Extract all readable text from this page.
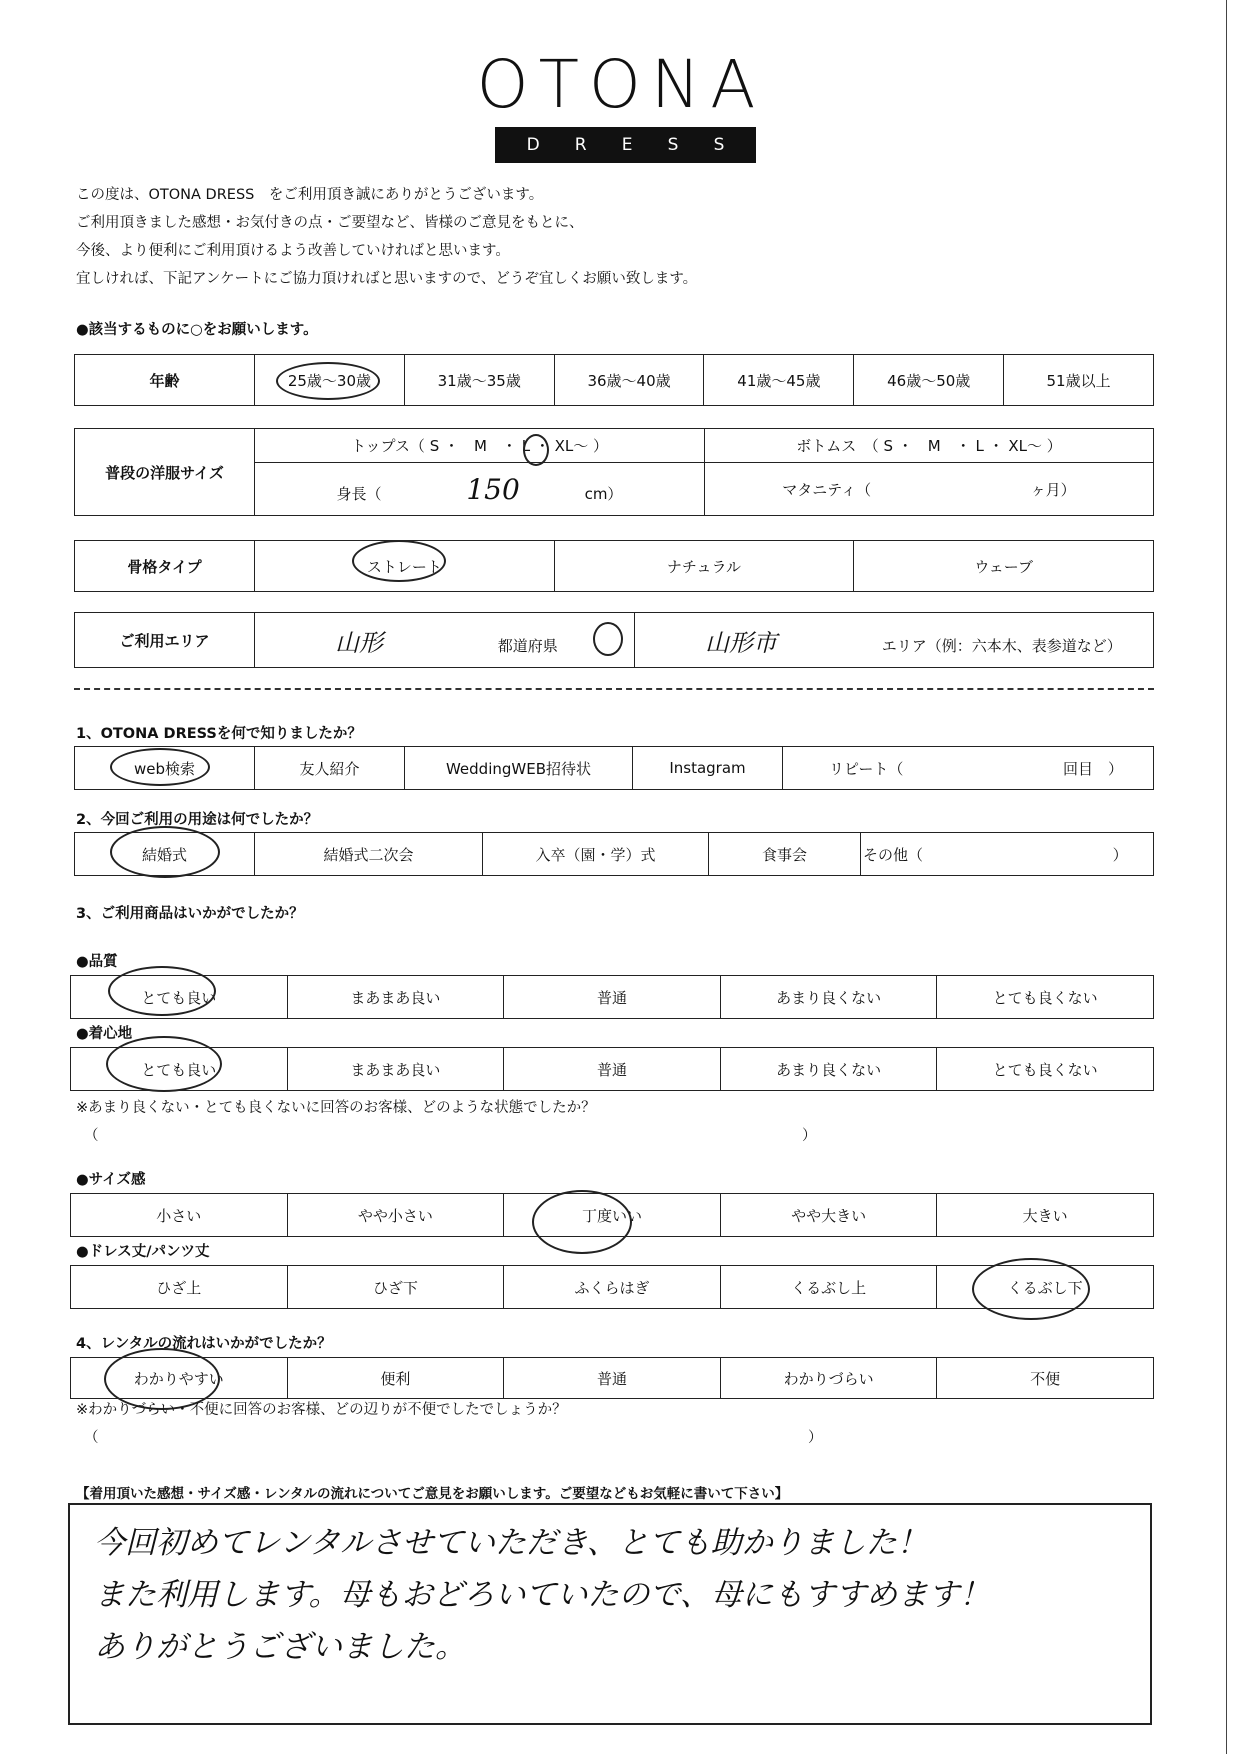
OTONA
D R E S S
この度は、OTONA DRESS　をご利用頂き誠にありがとうございます。
ご利用頂きました感想・お気付きの点・ご要望など、皆様のご意見をもとに、
今後、より便利にご利用頂けるよう改善していければと思います。
宜しければ、下記アンケートにご協力頂ければと思いますので、どうぞ宜しくお願い致します。
●該当するものに○をお願いします。
年齢	25歳～30歳	31歳～35歳	36歳～40歳	41歳～45歳	46歳～50歳	51歳以上
普段の洋服サイズ	トップス（ S ・　M　・ L ・ XL～ ）	ボトムス　（ S ・　M　・ L ・ XL～ ）
	身長（ 150 cm）	マタニティ（ ヶ月）
骨格タイプ	ストレート	ナチュラル	ウェーブ
ご利用エリア	山形	都道府県	山形市	エリア（例：六本木、表参道など）
1、OTONA DRESSを何で知りましたか？
web検索	友人紹介	WeddingWEB招待状	Instagram	リピート（	回目　）
2、今回ご利用の用途は何でしたか？
結婚式	結婚式二次会	入卒（園・学）式	食事会	その他（	）
3、ご利用商品はいかがでしたか？
●品質
とても良い	まあまあ良い	普通	あまり良くない	とても良くない
●着心地
とても良い	まあまあ良い	普通	あまり良くない	とても良くない
※あまり良くない・とても良くないに回答のお客様、どのような状態でしたか？
（	）
●サイズ感
小さい	やや小さい	丁度いい	やや大きい	大きい
●ドレス丈/パンツ丈
ひざ上	ひざ下	ふくらはぎ	くるぶし上	くるぶし下
4、レンタルの流れはいかがでしたか？
わかりやすい	便利	普通	わかりづらい	不便
※わかりづらい・不便に回答のお客様、どの辺りが不便でしたでしょうか？
（	）
【着用頂いた感想・サイズ感・レンタルの流れについてご意見をお願いします。ご要望などもお気軽に書いて下さい】
今回初めてレンタルさせていただき、とても助かりました！
また利用します。母もおどろいていたので、母にもすすめます！
ありがとうございました。
